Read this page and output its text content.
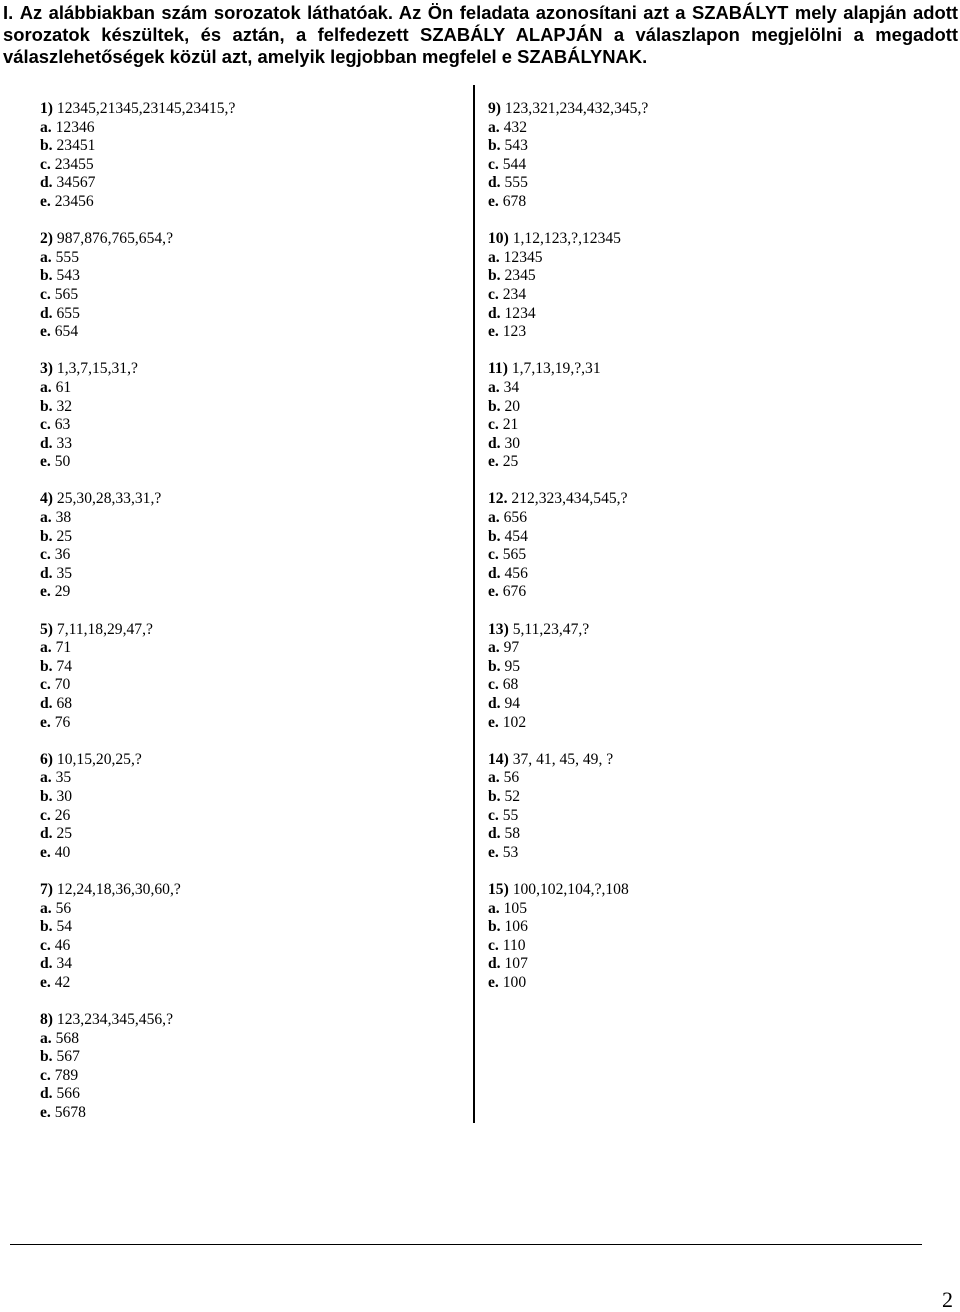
I. Az alábbiakban szám sorozatok láthatóak. Az Ön feladata azonosítani azt a SZABÁLYT mely alapján adott sorozatok készültek, és aztán, a felfedezett SZABÁLY ALAPJÁN a válaszlapon megjelölni a megadott válaszlehetőségek közül azt, amelyik legjobban megfelel e SZABÁLYNAK.

1) 12345,21345,23145,23415,?
a. 12346
b. 23451
c. 23455
d. 34567
e. 23456
2) 987,876,765,654,?
a. 555
b. 543
c. 565
d. 655
e. 654
3) 1,3,7,15,31,?
a. 61
b. 32
c. 63
d. 33
e. 50
4) 25,30,28,33,31,?
a. 38
b. 25
c. 36
d. 35
e. 29
5) 7,11,18,29,47,?
a. 71
b. 74
c. 70
d. 68
e. 76
6) 10,15,20,25,?
a. 35
b. 30
c. 26
d. 25
e. 40
7) 12,24,18,36,30,60,?
a. 56
b. 54
c. 46
d. 34
e. 42
8) 123,234,345,456,?
a. 568
b. 567
c. 789
d. 566
e. 5678
9) 123,321,234,432,345,?
a. 432
b. 543
c. 544
d. 555
e. 678
10) 1,12,123,?,12345
a. 12345
b. 2345
c. 234
d. 1234
e. 123
11) 1,7,13,19,?,31
a. 34
b. 20
c. 21
d. 30
e. 25
12. 212,323,434,545,?
a. 656
b. 454
c. 565
d. 456
e. 676
13) 5,11,23,47,?
a. 97
b. 95
c. 68
d. 94
e. 102
14) 37, 41, 45, 49, ?
a. 56
b. 52
c. 55
d. 58
e. 53
15) 100,102,104,?,108
a. 105
b. 106
c. 110
d. 107
e. 100
2
